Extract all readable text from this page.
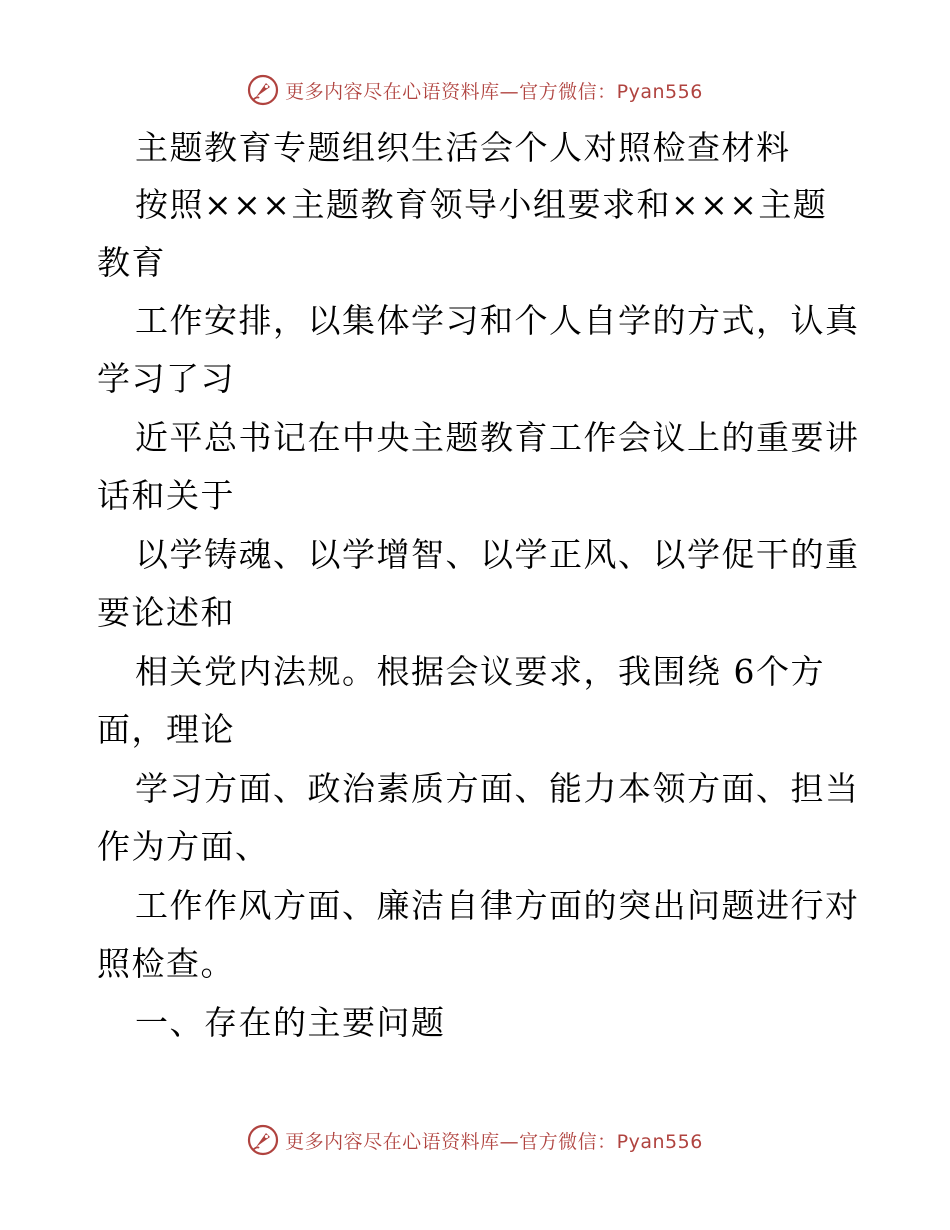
更多内容尽在心语资料库—官方微信：Pyan556
主题教育专题组织生活会个人对照检查材料
按照×××主题教育领导小组要求和×××主题
教育
工作安排，以集体学习和个人自学的方式，认真
学习了习
近平总书记在中央主题教育工作会议上的重要讲
话和关于
以学铸魂、以学增智、以学正风、以学促干的重
要论述和
相关党内法规。根据会议要求，我围绕 6个方
面，理论
学习方面、政治素质方面、能力本领方面、担当
作为方面、
工作作风方面、廉洁自律方面的突出问题进行对
照检查。
一、存在的主要问题
更多内容尽在心语资料库—官方微信：Pyan556
